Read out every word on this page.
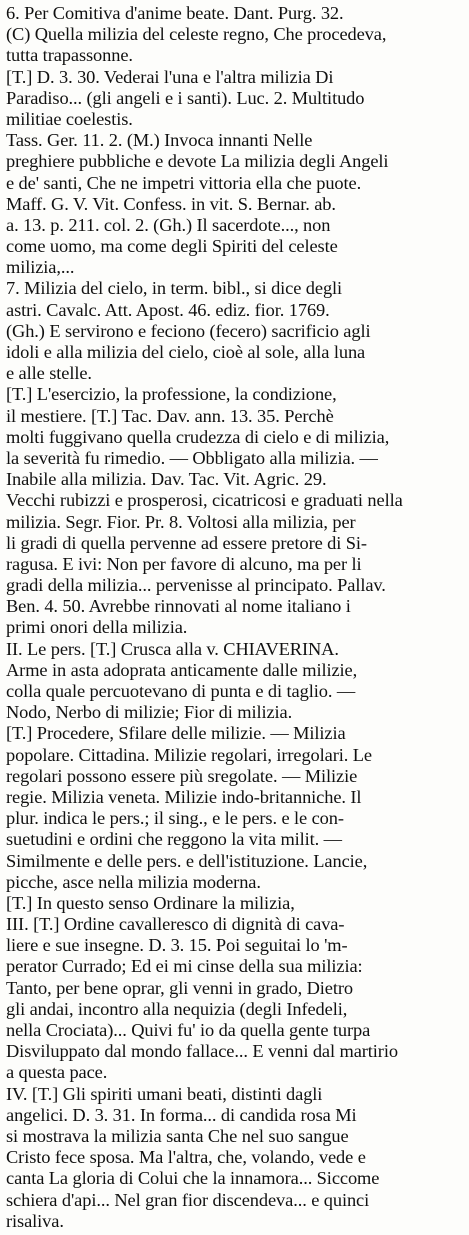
6. Per Comitiva d'anime beate. Dant. Purg. 32.
(C) Quella milizia del celeste regno, Che procedeva,
tutta trapassonne.
[T.] D. 3. 30. Vederai l'una e l'altra milizia Di
Paradiso... (gli angeli e i santi). Luc. 2. Multitudo
militiae coelestis.
Tass. Ger. 11. 2. (M.) Invoca innanti Nelle
preghiere pubbliche e devote La milizia degli Angeli
e de' santi, Che ne impetri vittoria ella che puote.
Maff. G. V. Vit. Confess. in vit. S. Bernar. ab.
a. 13. p. 211. col. 2. (Gh.) Il sacerdote..., non
come uomo, ma come degli Spiriti del celeste
milizia,...
7. Milizia del cielo, in term. bibl., si dice degli
astri. Cavalc. Att. Apost. 46. ediz. fior. 1769.
(Gh.) E servirono e feciono (fecero) sacrificio agli
idoli e alla milizia del cielo, cioè al sole, alla luna
e alle stelle.
[T.] L'esercizio, la professione, la condizione,
il mestiere. [T.] Tac. Dav. ann. 13. 35. Perchè
molti fuggivano quella crudezza di cielo e di milizia,
la severità fu rimedio. — Obbligato alla milizia. —
Inabile alla milizia. Dav. Tac. Vit. Agric. 29.
Vecchi rubizzi e prosperosi, cicatricosi e graduati nella
milizia. Segr. Fior. Pr. 8. Voltosi alla milizia, per
li gradi di quella pervenne ad essere pretore di Si-
ragusa. E ivi: Non per favore di alcuno, ma per li
gradi della milizia... pervenisse al principato. Pallav.
Ben. 4. 50. Avrebbe rinnovati al nome italiano i
primi onori della milizia.
II. Le pers. [T.] Crusca alla v. CHIAVERINA.
Arme in asta adoprata anticamente dalle milizie,
colla quale percuotevano di punta e di taglio. —
Nodo, Nerbo di milizie; Fior di milizia.
[T.] Procedere, Sfilare delle milizie. — Milizia
popolare. Cittadina. Milizie regolari, irregolari. Le
regolari possono essere più sregolate. — Milizie
regie. Milizia veneta. Milizie indo-britanniche. Il
plur. indica le pers.; il sing., e le pers. e le con-
suetudini e ordini che reggono la vita milit. —
Similmente e delle pers. e dell'istituzione. Lancie,
picche, asce nella milizia moderna.
[T.] In questo senso Ordinare la milizia,
III. [T.] Ordine cavalleresco di dignità di cava-
liere e sue insegne. D. 3. 15. Poi seguitai lo 'm-
perator Currado; Ed ei mi cinse della sua milizia:
Tanto, per bene oprar, gli venni in grado, Dietro
gli andai, incontro alla nequizia (degli Infedeli,
nella Crociata)... Quivi fu' io da quella gente turpa
Disviluppato dal mondo fallace... E venni dal martirio
a questa pace.
IV. [T.] Gli spiriti umani beati, distinti dagli
angelici. D. 3. 31. In forma... di candida rosa Mi
si mostrava la milizia santa Che nel suo sangue
Cristo fece sposa. Ma l'altra, che, volando, vede e
canta La gloria di Colui che la innamora... Siccome
schiera d'api... Nel gran fior discendeva... e quinci
risaliva.
